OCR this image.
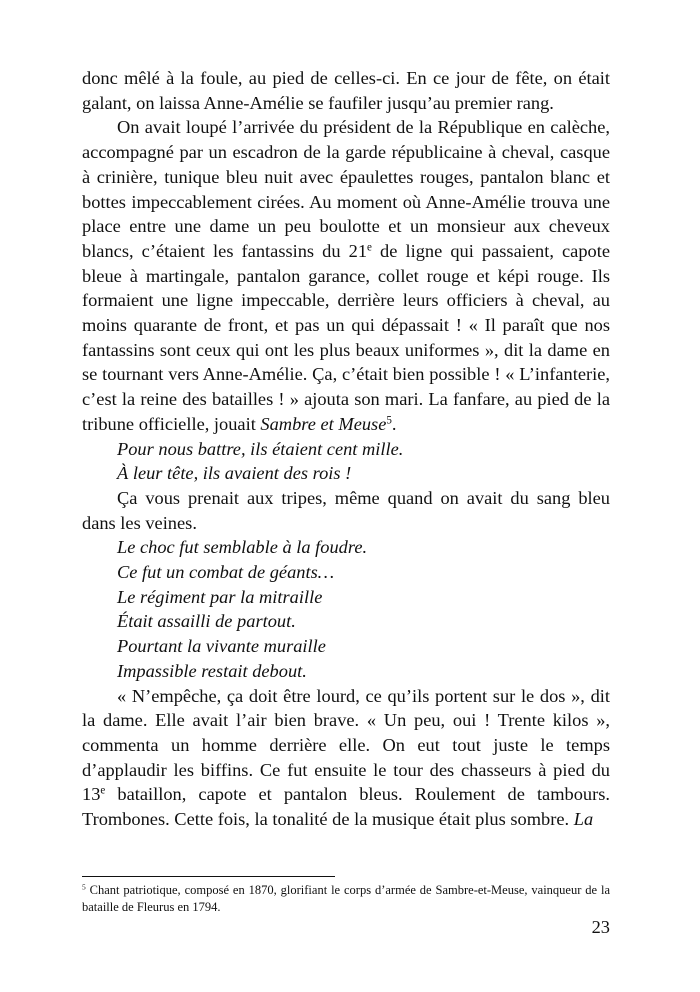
donc mêlé à la foule, au pied de celles-ci. En ce jour de fête, on était galant, on laissa Anne-Amélie se faufiler jusqu’au premier rang.

On avait loupé l’arrivée du président de la République en calèche, accompagné par un escadron de la garde républicaine à cheval, casque à crinière, tunique bleu nuit avec épaulettes rouges, pantalon blanc et bottes impeccablement cirées. Au moment où Anne-Amélie trouva une place entre une dame un peu boulotte et un monsieur aux cheveux blancs, c’étaient les fantassins du 21e de ligne qui passaient, capote bleue à martingale, pantalon garance, collet rouge et képi rouge. Ils formaient une ligne impeccable, derrière leurs officiers à cheval, au moins quarante de front, et pas un qui dépassait ! « Il paraît que nos fantassins sont ceux qui ont les plus beaux uniformes », dit la dame en se tournant vers Anne-Amélie. Ça, c’était bien possible ! « L’infanterie, c’est la reine des batailles ! » ajouta son mari. La fanfare, au pied de la tribune officielle, jouait Sambre et Meuse$^5$.

Pour nous battre, ils étaient cent mille.

À leur tête, ils avaient des rois !

Ça vous prenait aux tripes, même quand on avait du sang bleu dans les veines.

Le choc fut semblable à la foudre.

Ce fut un combat de géants…

Le régiment par la mitraille

Était assailli de partout.

Pourtant la vivante muraille

Impassible restait debout.

« N’empêche, ça doit être lourd, ce qu’ils portent sur le dos », dit la dame. Elle avait l’air bien brave. « Un peu, oui ! Trente kilos », commenta un homme derrière elle. On eut tout juste le temps d’applaudir les biffins. Ce fut ensuite le tour des chasseurs à pied du 13e bataillon, capote et pantalon bleus. Roulement de tambours. Trombones. Cette fois, la tonalité de la musique était plus sombre. La

$^5$ Chant patriotique, composé en 1870, glorifiant le corps d’armée de Sambre-et-Meuse, vainqueur de la bataille de Fleurus en 1794.

23
